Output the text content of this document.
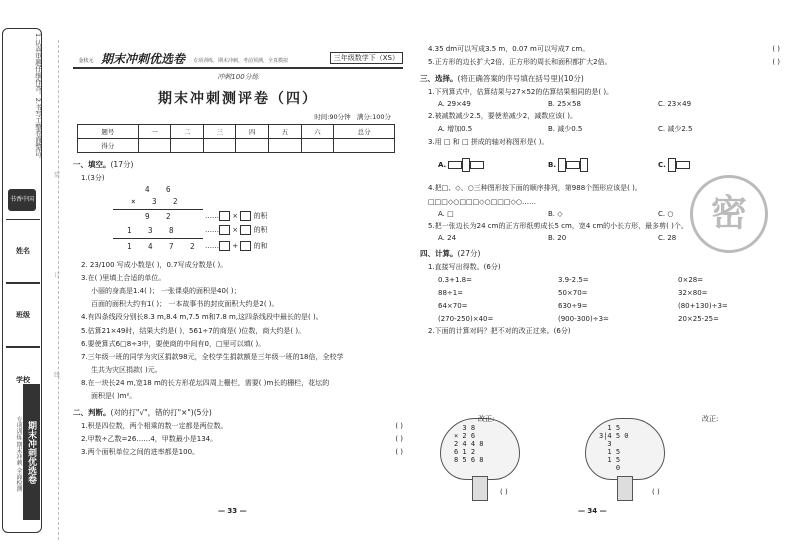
1.认真审题仔细作答。2.书写工整卷面整洁。
书香中国
姓名
班级
学校
期末冲刺优选卷
专项训练 期末冲刺 全面检测
装
订
线
金状元 期末冲刺优选卷 专项训练，期末冲刺，考前预测，全真模拟	三年级数学下（XS）
冲刺100分练
期末冲刺测评卷（四）
时间:90分钟 满分:100分
题号	一	二	三	四	五	六	总分
得分							
一、填空。(17分)
1.(3分)
4 6
× 3 2
9 2
1 3 8
1 4 7 2
…… ×  的积
…… ×  的积
…… +  的和
2. 23/100 写成小数是( )，0.7写成分数是( )。
3.在( )里填上合适的单位。
小丽的身高是1.4( )； 一张课桌的面积是40( )；
百面的面积大约有1( )； 一本故事书的封皮面积大约是2( )。
4.有四条线段分别长8.3 m,8.4 m,7.5 m和7.8 m,这四条线段中最长的是( )。
5.估算21×49时，结果大约是( )，561÷7的商是( )位数，商大约是( )。
6.要使算式6□8÷3中，要使商的中间有0，□里可以填( )。
7.三年级一班的同学为灾区捐款98元，全校学生捐款额是三年级一班的18倍，全校学
生共为灾区捐款( )元。
8.在一块长24 m,宽18 m的长方形花坛四周上栅栏，需要( )m长的栅栏，花坛的
面积是( )m²。
二、判断。(对的打"√"，错的打"×")(5分)
1.积是四位数，两个相乘的数一定都是两位数。	( )
2.甲数÷乙数=26……4，甲数最小是134。	( )
3.两个面积单位之间的进率都是100。	( )
— 33 —
4.35 dm可以写成3.5 m，0.07 m可以写成7 cm。	( )
5.正方形的边长扩大2倍，正方形的周长和面积都扩大2倍。	( )
三、选择。(将正确答案的序号填在括号里)(10分)
1.下列算式中，估算结果与27×52的估算结果相同的是( )。
A. 29×49	B. 25×58	C. 23×49
2.被减数减少2.5，要使差减少2，减数应该( )。
A. 增加0.5	B. 减少0.5	C. 减少2.5
3.用 □ 和 □ 拼成的轴对称图形是( )。
A.	B.	C.
4.把□、◇、○三种图形按下面的顺序排列，第988个图形应该是( )。
□□□◇○□□□◇○□□□◇○……
A. □	B. ◇	C. ○
5.把一张边长为24 cm的正方形纸剪成长5 cm，宽4 cm的小长方形，最多剪( )个。
A. 24	B. 20	C. 28
四、计算。(27分)
1.直接写出得数。(6分)
0.3+1.8=	3.9-2.5=	0×28=
88÷1=	50×70=	32×80=
64×70=	630÷9=	(80+130)÷3=
(270-250)×40=	(900-300)÷3=	20×25-25=
2.下面的计算对吗？把不对的改正过来。(6分)
3 8
× 2 6
2 4 4 8
6 1 2
8 5 6 8
改正:
( )
1 5
3|4 5 0
3
1 5
1 5
0
改正:
( )
密
— 34 —
